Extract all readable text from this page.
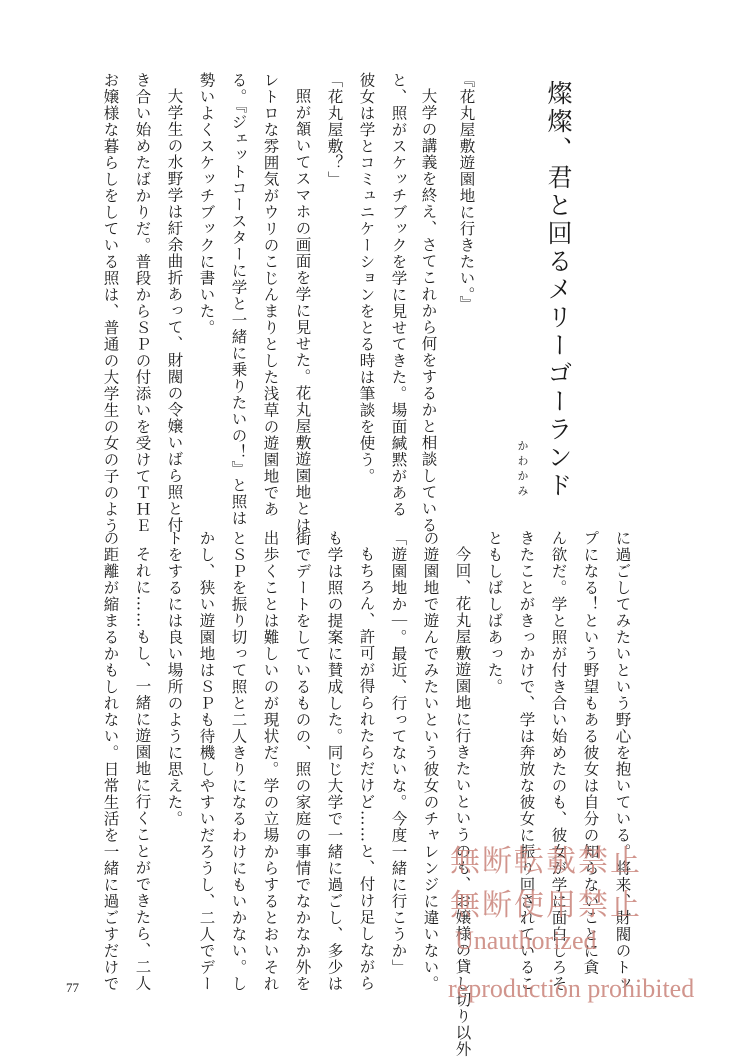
燦燦、君と回るメリーゴーランド
かわかみ
『花丸屋敷遊園地に行きたい。』
大学の講義を終え、さてこれから何をするかと相談している
と、照がスケッチブックを学に見せてきた。場面緘黙がある
彼女は学とコミュニケーションをとる時は筆談を使う。
「花丸屋敷？」
照が頷いてスマホの画面を学に見せた。花丸屋敷遊園地とは
レトロな雰囲気がウリのこじんまりとした浅草の遊園地であ
る。『ジェットコースターに学と一緒に乗りたいの！』と照は
勢いよくスケッチブックに書いた。
大学生の水野学は紆余曲折あって、財閥の令嬢いばら照と付
き合い始めたばかりだ。普段からＳＰの付添いを受けてＴＨＥ
お嬢様な暮らしをしている照は、普通の大学生の女の子のよう
に過ごしてみたいという野心を抱いている。将来、財閥のトッ
プになる！という野望もある彼女は自分の知らないことに貪
ん欲だ。学と照が付き合い始めたのも、彼女が学に面白しろそ
きたことがきっかけで、学は奔放な彼女に振り回されているこ
ともしばしばあった。
今回、花丸屋敷遊園地に行きたいというのも、お嬢様の貸し切り以外
の遊園地で遊んでみたいという彼女のチャレンジに違いない。
「遊園地か｜。最近、行ってないな。今度一緒に行こうか」
もちろん、許可が得られたらだけど……と、付け足しながら
も学は照の提案に賛成した。同じ大学で一緒に過ごし、多少は
街でデートをしているものの、照の家庭の事情でなかなか外を
出歩くことは難しいのが現状だ。学の立場からするとおいそれ
とＳＰを振り切って照と二人きりになるわけにもいかない。し
かし、狭い遊園地はＳＰも待機しやすいだろうし、二人でデー
トをするには良い場所のように思えた。
それに……もし、一緒に遊園地に行くことができたら、二人
の距離が縮まるかもしれない。日常生活を一緒に過ごすだけで
77
無断転載禁止
無断使用禁止
Unauthorized
reproduction prohibited
